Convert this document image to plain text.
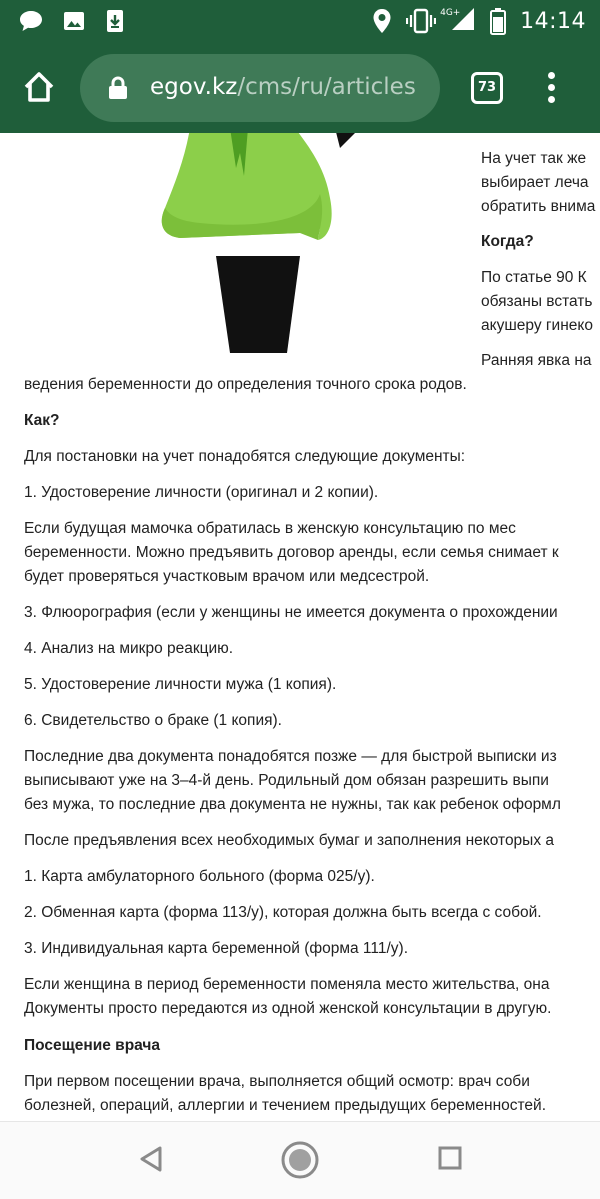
4G+	14:14
egov.kz/cms/ru/articles	73
На учет так же
выбирает леча
обратить внима
Когда?
По статье 90 К
обязаны встать
акушеру гинеко
Ранняя явка на
ведения беременности до определения точного срока родов.
Как?
Для постановки на учет понадобятся следующие документы:
1. Удостоверение личности (оригинал и 2 копии).
Если будущая мамочка обратилась в женскую консультацию по мес
беременности. Можно предъявить договор аренды, если семья снимает к
будет проверяться участковым врачом или медсестрой.
3. Флюорография (если у женщины не имеется документа о прохождении
4. Анализ на микро реакцию.
5. Удостоверение личности мужа (1 копия).
6. Свидетельство о браке (1 копия).
Последние два документа понадобятся позже — для быстрой выписки из
выписывают уже на 3–4-й день. Родильный дом обязан разрешить выпи
без мужа, то последние два документа не нужны, так как ребенок оформл
После предъявления всех необходимых бумаг и заполнения некоторых а
1. Карта амбулаторного больного (форма 025/у).
2. Обменная карта (форма 113/у), которая должна быть всегда с собой.
3. Индивидуальная карта беременной (форма 111/у).
Если женщина в период беременности поменяла место жительства, она
Документы просто передаются из одной женской консультации в другую.
Посещение врача
При первом посещении врача, выполняется общий осмотр: врач соби
болезней, операций, аллергии и течением предыдущих беременностей.
